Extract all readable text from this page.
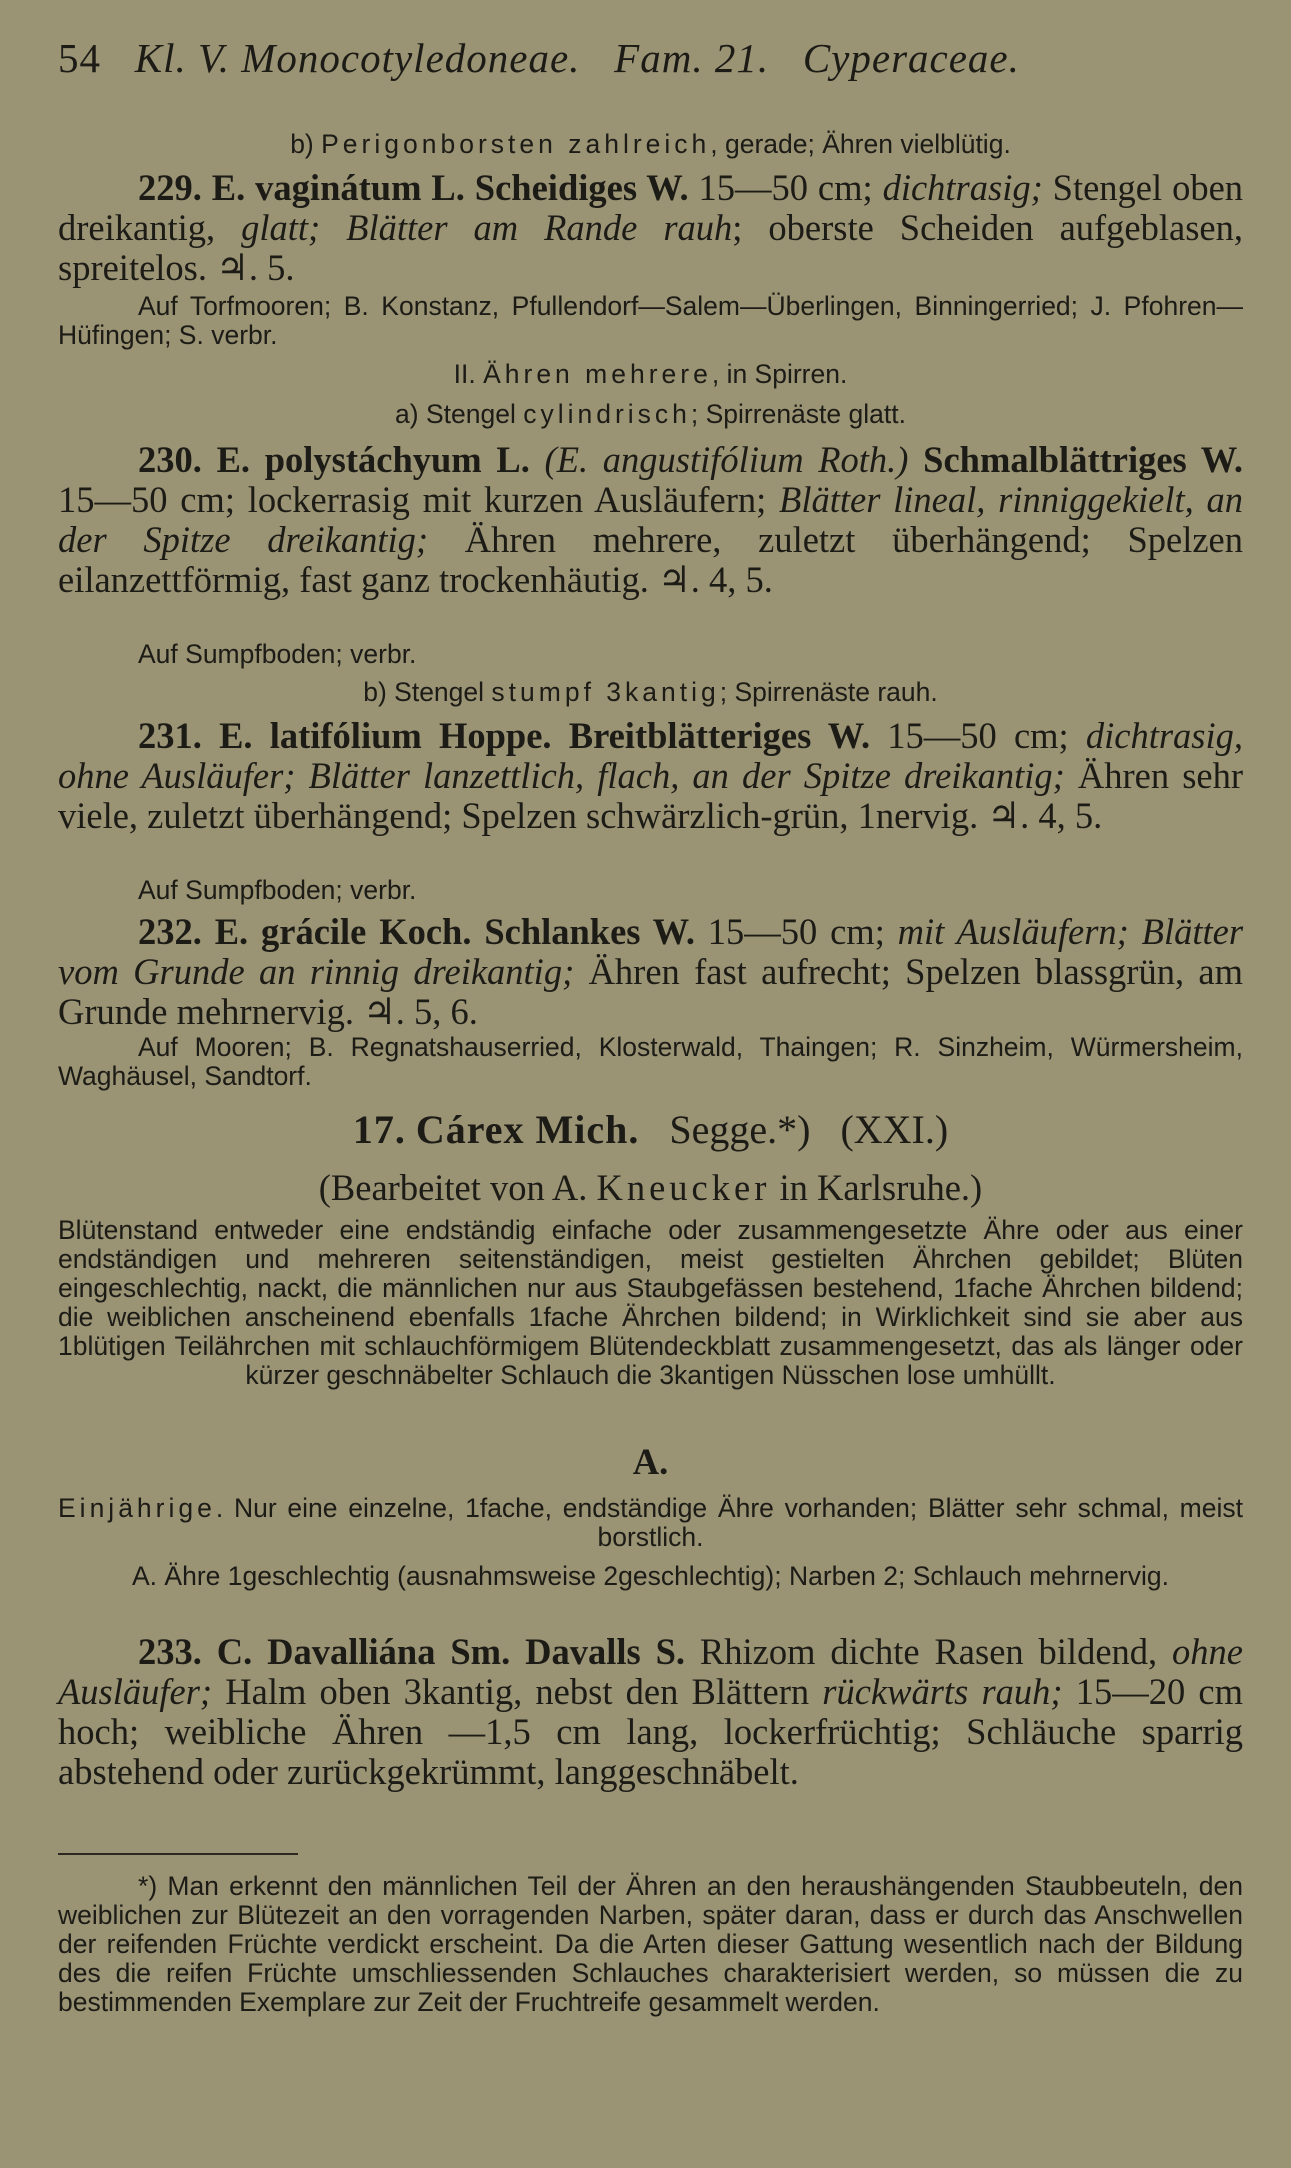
54 Kl. V. Monocotyledoneae. Fam. 21. Cyperaceae.

b) Perigonborsten zahlreich, gerade; Ähren vielblütig.

229. E. vaginátum L. Scheidiges W. 15—50 cm; dichtrasig; Stengel oben dreikantig, glatt; Blätter am Rande rauh; oberste Scheiden aufgeblasen, spreitelos. ♃. 5.

Auf Torfmooren; B. Konstanz, Pfullendorf—Salem—Überlingen, Binningerried; J. Pfohren—Hüfingen; S. verbr.

II. Ähren mehrere, in Spirren.

a) Stengel cylindrisch; Spirrenäste glatt.

230. E. polystáchyum L. (E. angustifólium Roth.) Schmalblättriges W. 15—50 cm; lockerrasig mit kurzen Ausläufern; Blätter lineal, rinniggekielt, an der Spitze dreikantig; Ähren mehrere, zuletzt überhängend; Spelzen eilanzettförmig, fast ganz trockenhäutig. ♃. 4, 5.

Auf Sumpfboden; verbr.

b) Stengel stumpf 3kantig; Spirrenäste rauh.

231. E. latifólium Hoppe. Breitblätteriges W. 15—50 cm; dichtrasig, ohne Ausläufer; Blätter lanzettlich, flach, an der Spitze dreikantig; Ähren sehr viele, zuletzt überhängend; Spelzen schwärzlich-grün, 1nervig. ♃. 4, 5.

Auf Sumpfboden; verbr.

232. E. grácile Koch. Schlankes W. 15—50 cm; mit Ausläufern; Blätter vom Grunde an rinnig dreikantig; Ähren fast aufrecht; Spelzen blassgrün, am Grunde mehrnervig. ♃. 5, 6.

Auf Mooren; B. Regnatshauserried, Klosterwald, Thaingen; R. Sinzheim, Würmersheim, Waghäusel, Sandtorf.

17. Cárex Mich. Segge.*) (XXI.)

(Bearbeitet von A. Kneucker in Karlsruhe.)

Blütenstand entweder eine endständig einfache oder zusammengesetzte Ähre oder aus einer endständigen und mehreren seitenständigen, meist gestielten Ährchen gebildet; Blüten eingeschlechtig, nackt, die männlichen nur aus Staubgefässen bestehend, 1fache Ährchen bildend; die weiblichen anscheinend ebenfalls 1fache Ährchen bildend; in Wirklichkeit sind sie aber aus 1blütigen Teilährchen mit schlauchförmigem Blütendeckblatt zusammengesetzt, das als länger oder kürzer geschnäbelter Schlauch die 3kantigen Nüsschen lose umhüllt.

A.

Einjährige. Nur eine einzelne, 1fache, endständige Ähre vorhanden; Blätter sehr schmal, meist borstlich.

A. Ähre 1geschlechtig (ausnahmsweise 2geschlechtig); Narben 2; Schlauch mehrnervig.

233. C. Davalliána Sm. Davalls S. Rhizom dichte Rasen bildend, ohne Ausläufer; Halm oben 3kantig, nebst den Blättern rückwärts rauh; 15—20 cm hoch; weibliche Ähren —1,5 cm lang, lockerfrüchtig; Schläuche sparrig abstehend oder zurückgekrümmt, langgeschnäbelt.

*) Man erkennt den männlichen Teil der Ähren an den heraushängenden Staubbeuteln, den weiblichen zur Blütezeit an den vorragenden Narben, später daran, dass er durch das Anschwellen der reifenden Früchte verdickt erscheint. Da die Arten dieser Gattung wesentlich nach der Bildung des die reifen Früchte umschliessenden Schlauches charakterisiert werden, so müssen die zu bestimmenden Exemplare zur Zeit der Fruchtreife gesammelt werden.
